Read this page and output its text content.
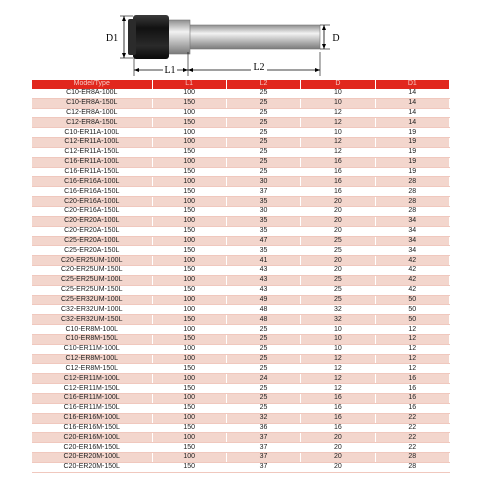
D1	D
L1	L2
Model/Type	L1	L2	D	D1
C10-ER8A-100L	100	25	10	14
C10-ER8A-150L	150	25	10	14
C12-ER8A-100L	100	25	12	14
C12-ER8A-150L	150	25	12	14
C10-ER11A-100L	100	25	10	19
C12-ER11A-100L	100	25	12	19
C12-ER11A-150L	150	25	12	19
C16-ER11A-100L	100	25	16	19
C16-ER11A-150L	150	25	16	19
C16-ER16A-100L	100	30	16	28
C16-ER16A-150L	150	37	16	28
C20-ER16A-100L	100	35	20	28
C20-ER16A-150L	150	30	20	28
C20-ER20A-100L	100	35	20	34
C20-ER20A-150L	150	35	20	34
C25-ER20A-100L	100	47	25	34
C25-ER20A-150L	150	35	25	34
C20-ER25UM-100L	100	41	20	42
C20-ER25UM-150L	150	43	20	42
C25-ER25UM-100L	100	43	25	42
C25-ER25UM-150L	150	43	25	42
C25-ER32UM-100L	100	49	25	50
C32-ER32UM-100L	100	48	32	50
C32-ER32UM-150L	150	48	32	50
C10-ER8M-100L	100	25	10	12
C10-ER8M-150L	150	25	10	12
C10-ER11M-100L	100	25	10	12
C12-ER8M-100L	100	25	12	12
C12-ER8M-150L	150	25	12	12
C12-ER11M-100L	100	24	12	16
C12-ER11M-150L	150	25	12	16
C16-ER11M-100L	100	25	16	16
C16-ER11M-150L	150	25	16	16
C16-ER16M-100L	100	32	16	22
C16-ER16M-150L	150	36	16	22
C20-ER16M-100L	100	37	20	22
C20-ER16M-150L	150	37	20	22
C20-ER20M-100L	100	37	20	28
C20-ER20M-150L	150	37	20	28
